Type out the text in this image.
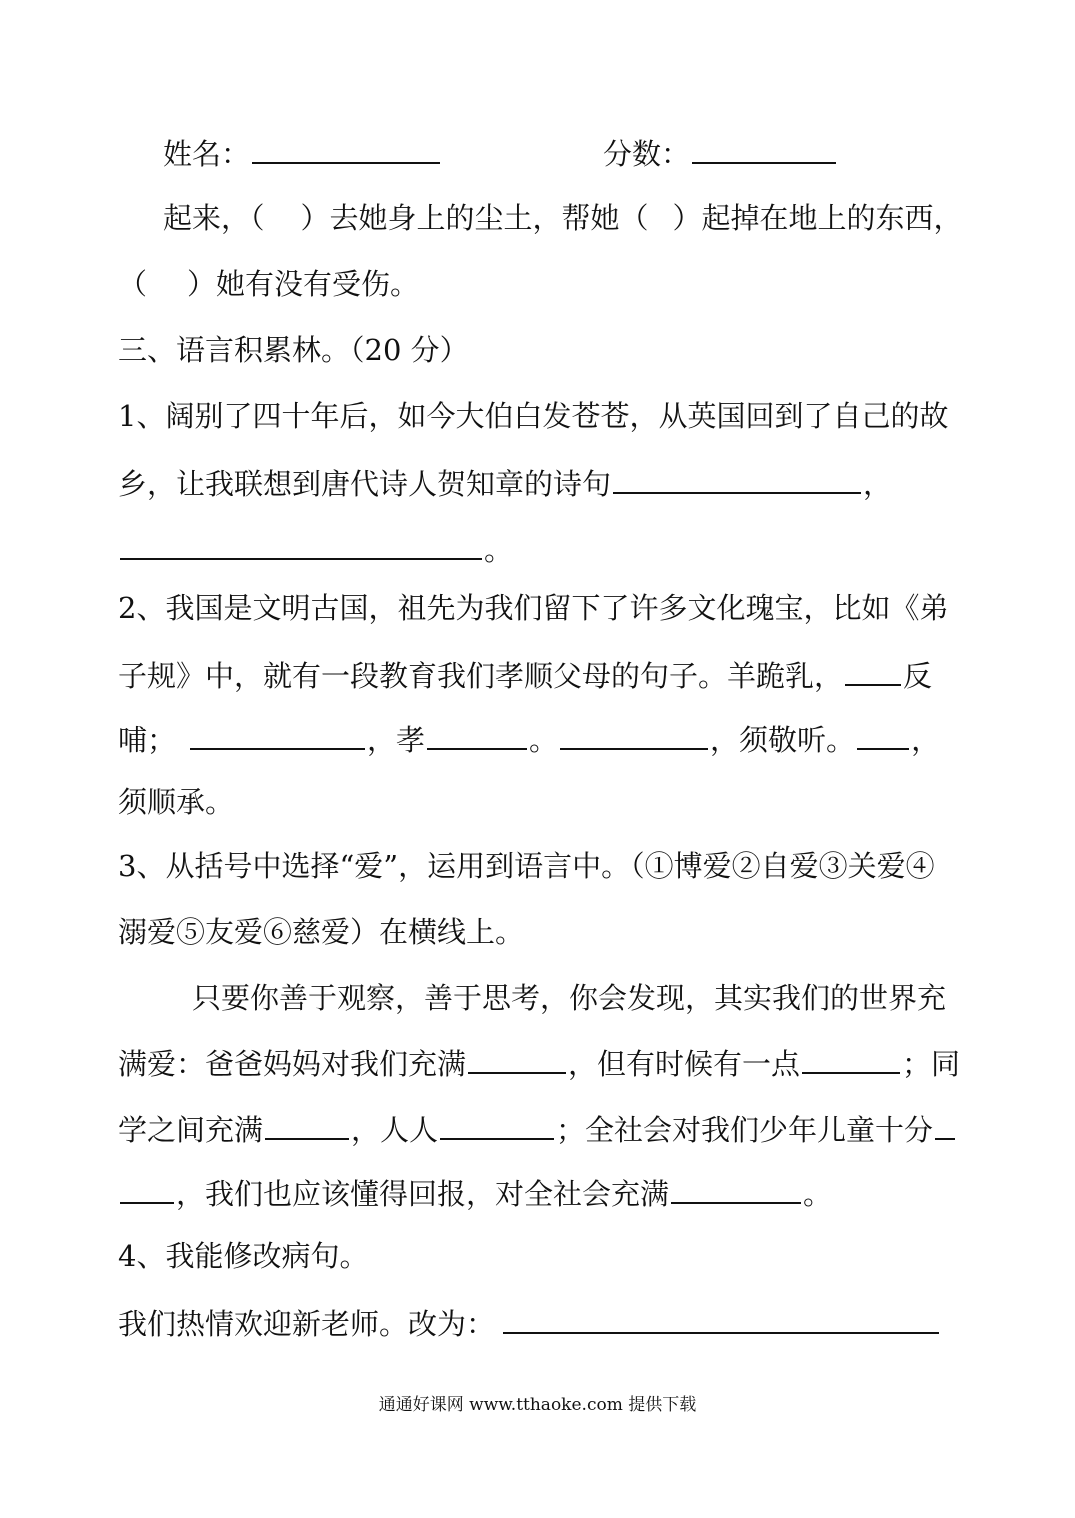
姓名：	分数：
起来，（ ）去她身上的尘土，帮她（ ）起掉在地上的东西，
（ ）她有没有受伤。
三、语言积累林。（20 分）
1、阔别了四十年后，如今大伯白发苍苍，从英国回到了自己的故
乡，让我联想到唐代诗人贺知章的诗句	，
。
2、我国是文明古国，祖先为我们留下了许多文化瑰宝，比如《弟
子规》中，就有一段教育我们孝顺父母的句子。羊跪乳， 反
哺；	，孝	。	，须敬听。 ，
须顺承。
3、从括号中选择“爱”，运用到语言中。（①博爱②自爱③关爱④
溺爱⑤友爱⑥慈爱）在横线上。
只要你善于观察，善于思考，你会发现，其实我们的世界充
满爱：爸爸妈妈对我们充满	，但有时候有一点	；同
学之间充满	，人人	；全社会对我们少年儿童十分
，我们也应该懂得回报，对全社会充满	。
4、我能修改病句。
我们热情欢迎新老师。改为：
通通好课网 www.tthaoke.com 提供下载
